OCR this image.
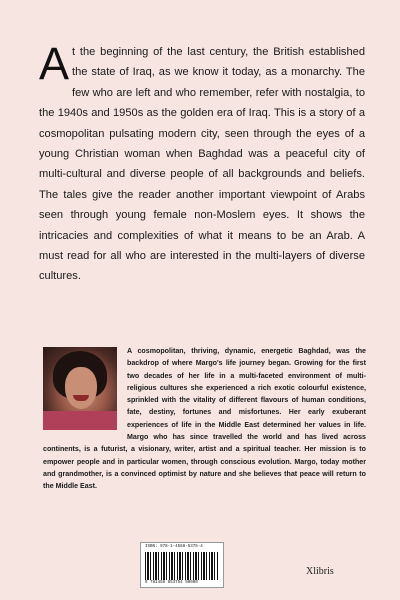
At the beginning of the last century, the British established the state of Iraq, as we know it today, as a monarchy. The few who are left and who remember, refer with nostalgia, to the 1940s and 1950s as the golden era of Iraq. This is a story of a cosmopolitan pulsating modern city, seen through the eyes of a young Christian woman when Baghdad was a peaceful city of multi-cultural and diverse people of all backgrounds and beliefs. The tales give the reader another important viewpoint of Arabs seen through young female non-Moslem eyes. It shows the intricacies and complexities of what it means to be an Arab. A must read for all who are interested in the multi-layers of diverse cultures.

A cosmopolitan, thriving, dynamic, energetic Baghdad, was the backdrop of where Margo's life journey began. Growing for the first two decades of her life in a multi-faceted environment of multi-religious cultures she experienced a rich exotic colourful existence, sprinkled with the vitality of different flavours of human conditions, fate, destiny, fortunes and misfortunes. Her early exuberant experiences of life in the Middle East determined her values in life. Margo who has since travelled the world and has lived across continents, is a futurist, a visionary, writer, artist and a spiritual teacher. Her mission is to empower people and in particular women, through conscious evolution. Margo, today mother and grandmother, is a convinced optimist by nature and she believes that peace will return to the Middle East.
ISBN: 978-1-4568-5375-4
9 781456 853754 90000
Xlibris
